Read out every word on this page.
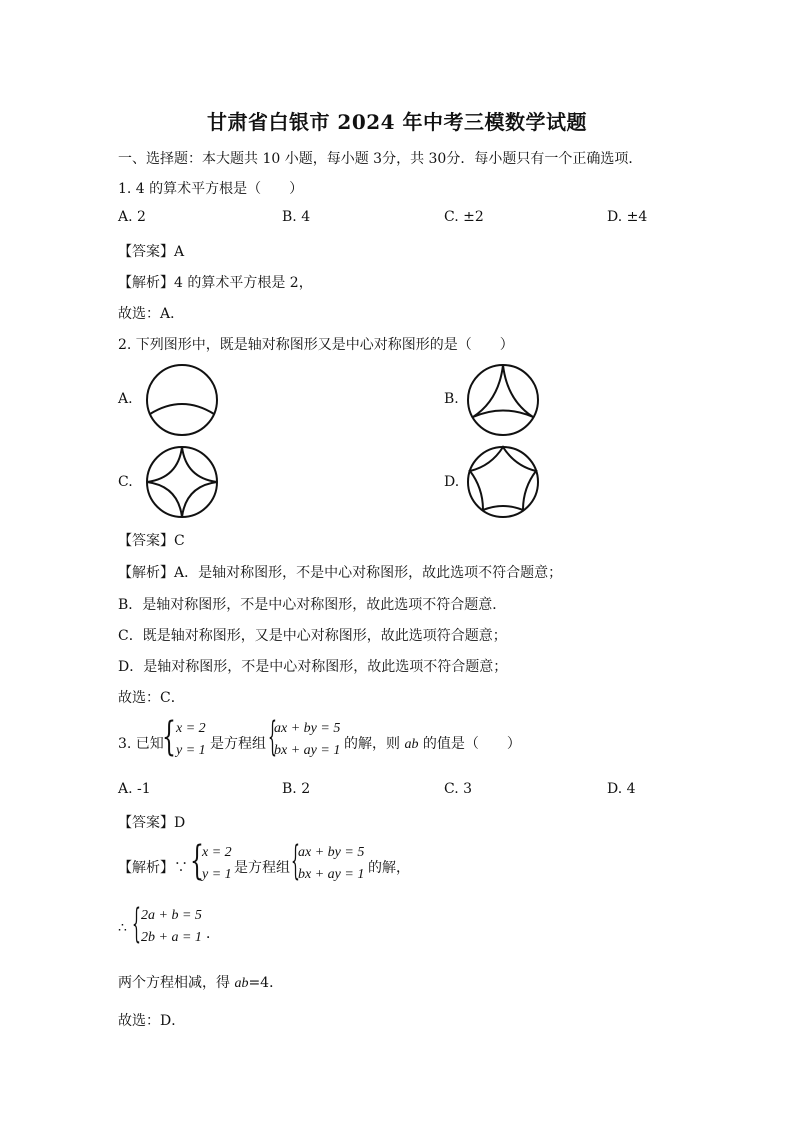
甘肃省白银市 2024 年中考三模数学试题
一、选择题：本大题共 10 小题，每小题 3分，共 30分．每小题只有一个正确选项．
1. 4 的算术平方根是（　　）
A. 2	B. 4	C. ±2	D. ±4
【答案】A
【解析】4 的算术平方根是 2，
故选：A．
2. 下列图形中，既是轴对称图形又是中心对称图形的是（　　）
A.	B.
C.	D.
【答案】C
【解析】A．是轴对称图形，不是中心对称图形，故此选项不符合题意；
B．是轴对称图形，不是中心对称图形，故此选项不符合题意．
C．既是轴对称图形，又是中心对称图形，故此选项符合题意；
D．是轴对称图形，不是中心对称图形，故此选项不符合题意；
故选：C．
3. 已知
{ x = 2
y = 1 是方程组 {
ax + by = 5
bx + ay = 1 的解，则 ab 的值是（　　）
A. -1	B. 2	C. 3	D. 4
【答案】D
【解析】∵ {
x = 2
y = 1 是方程组 {
ax + by = 5
bx + ay = 1 的解，
∴ { 2a + b = 5
2b + a = 1 ．
两个方程相减，得 ab=4．
故选：D．
